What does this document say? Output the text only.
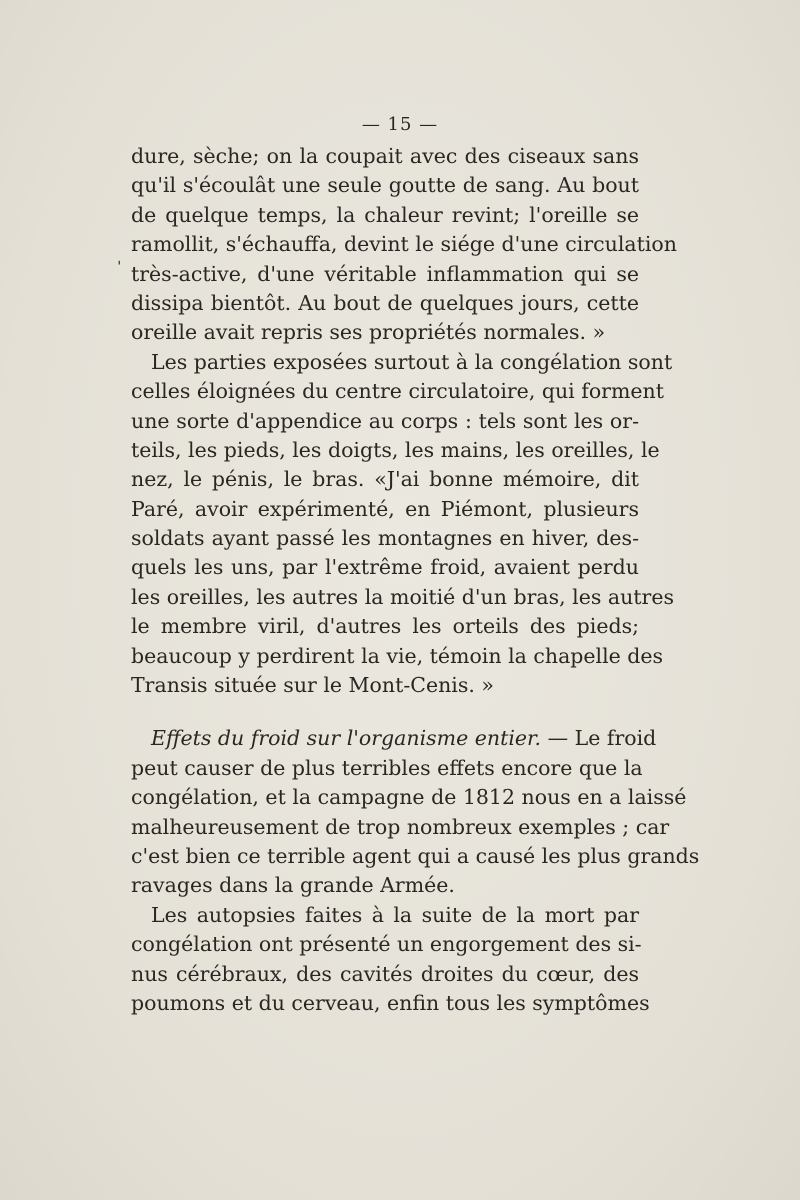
— 15 —
ˈ
dure, sèche; on la coupait avec des ciseaux sans
qu'il s'écoulât une seule goutte de sang. Au bout
de quelque temps, la chaleur revint; l'oreille se
ramollit, s'échauffa, devint le siége d'une circulation
très-active, d'une véritable inflammation qui se
dissipa bientôt. Au bout de quelques jours, cette
oreille avait repris ses propriétés normales. »
Les parties exposées surtout à la congélation sont
celles éloignées du centre circulatoire, qui forment
une sorte d'appendice au corps : tels sont les or-
teils, les pieds, les doigts, les mains, les oreilles, le
nez, le pénis, le bras. «J'ai bonne mémoire, dit
Paré, avoir expérimenté, en Piémont, plusieurs
soldats ayant passé les montagnes en hiver, des-
quels les uns, par l'extrême froid, avaient perdu
les oreilles, les autres la moitié d'un bras, les autres
le membre viril, d'autres les orteils des pieds;
beaucoup y perdirent la vie, témoin la chapelle des
Transis située sur le Mont-Cenis. »
Effets du froid sur l'organisme entier. — Le froid
peut causer de plus terribles effets encore que la
congélation, et la campagne de 1812 nous en a laissé
malheureusement de trop nombreux exemples ; car
c'est bien ce terrible agent qui a causé les plus grands
ravages dans la grande Armée.
Les autopsies faites à la suite de la mort par
congélation ont présenté un engorgement des si-
nus cérébraux, des cavités droites du cœur, des
poumons et du cerveau, enfin tous les symptômes
